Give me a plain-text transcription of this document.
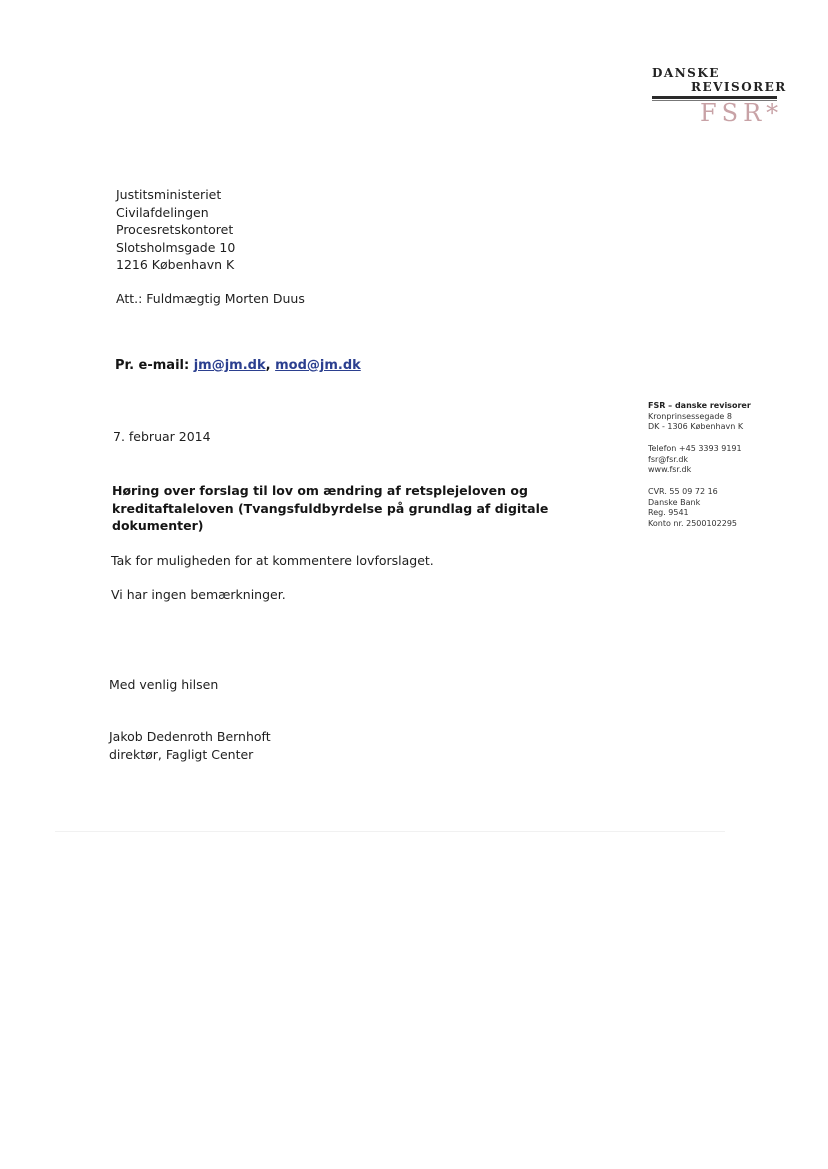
DANSKE
REVISORER
FSR*
Justitsministeriet
Civilafdelingen
Procesretskontoret
Slotsholmsgade 10
1216 København K
Att.: Fuldmægtig Morten Duus
Pr. e-mail: jm@jm.dk, mod@jm.dk
7. februar 2014
Høring over forslag til lov om ændring af retsplejeloven og
kreditaftaleloven (Tvangsfuldbyrdelse på grundlag af digitale
dokumenter)
Tak for muligheden for at kommentere lovforslaget.
Vi har ingen bemærkninger.
Med venlig hilsen
Jakob Dedenroth Bernhoft
direktør, Fagligt Center
FSR – danske revisorer
Kronprinsessegade 8
DK - 1306 København K
Telefon +45 3393 9191
fsr@fsr.dk
www.fsr.dk
CVR. 55 09 72 16
Danske Bank
Reg. 9541
Konto nr. 2500102295
